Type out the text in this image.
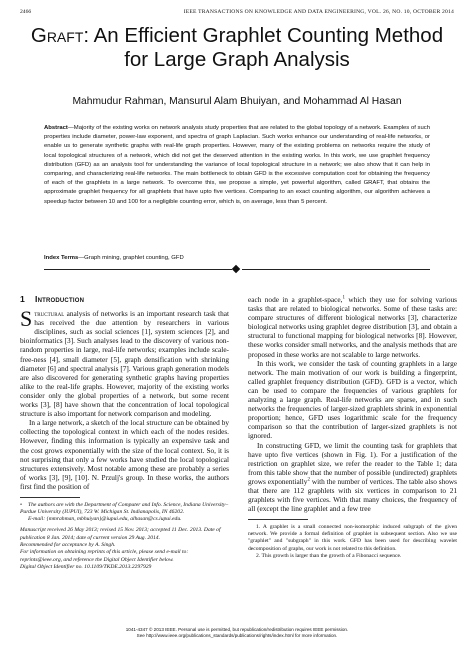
2466	IEEE TRANSACTIONS ON KNOWLEDGE AND DATA ENGINEERING, VOL. 26, NO. 10, OCTOBER 2014
Graft: An Efficient Graphlet Counting Method
for Large Graph Analysis
Mahmudur Rahman, Mansurul Alam Bhuiyan, and Mohammad Al Hasan
Abstract—Majority of the existing works on network analysis study properties that are related to the global topology of a network. Examples of such properties include diameter, power-law exponent, and spectra of graph Laplacian. Such works enhance our understanding of real-life networks, or enable us to generate synthetic graphs with real-life graph properties. However, many of the existing problems on networks require the study of local topological structures of a network, which did not get the deserved attention in the existing works. In this work, we use graphlet frequency distribution (GFD) as an analysis tool for understanding the variance of local topological structure in a network; we also show that it can help in comparing, and characterizing real-life networks. The main bottleneck to obtain GFD is the excessive computation cost for obtaining the frequency of each of the graphlets in a large network. To overcome this, we propose a simple, yet powerful algorithm, called GRAFT, that obtains the approximate graphlet frequency for all graphlets that have upto five vertices. Comparing to an exact counting algorithm, our algorithm achieves a speedup factor between 10 and 100 for a negligible counting error, which is, on average, less than 5 percent.
Index Terms—Graph mining, graphlet counting, GFD
1 Introduction

Structural analysis of networks is an important research task that has received the due attention by researchers in various disciplines, such as social sciences [1], system sciences [2], and bioinformatics [3]. Such analyses lead to the discovery of various non-random properties in large, real-life networks; examples include scale-free-ness [4], small diameter [5], graph densification with shrinking diameter [6] and spectral analysis [7]. Various graph generation models are also discovered for generating synthetic graphs having properties alike to the real-life graphs. However, majority of the existing works consider only the global properties of a network, but some recent works [3], [8] have shown that the concentration of local topological structure is also important for network comparison and modeling.

In a large network, a sketch of the local structure can be obtained by collecting the topological context in which each of the nodes resides. However, finding this information is typically an expensive task and the cost grows exponentially with the size of the local context. So, it is not surprising that only a few works have studied the local topological structures extensively. Most notable among these are probably a series of works [3], [9], [10]. N. Przulj's group. In these works, the authors first find the position of

• The authors are with the Department of Computer and Info. Science, Indiana University–Purdue University (IUPUI), 723 W. Michigan St. Indianapolis, IN 46202.
E-mail: {mmrahman, mbhuiyan}@iupui.edu, alhasan@cs.iupui.edu.
Manuscript received 26 May 2013; revised 15 Nov. 2013; accepted 11 Dec. 2013. Date of publication 8 Jan. 2014; date of current version 29 Aug. 2014.
Recommended for acceptance by A. Singh.
For information on obtaining reprints of this article, please send e-mail to: reprints@ieee.org, and reference the Digital Object Identifier below.
Digital Object Identifier no. 10.1109/TKDE.2013.2297929

each node in a graphlet-space,$^1$ which they use for solving various tasks that are related to biological networks. Some of these tasks are: compare structures of different biological networks [3], characterize biological networks using graphlet degree distribution [3], and obtain a structural to functional mapping for biological networks [8]. However, these works consider small networks, and the analysis methods that are proposed in these works are not scalable to large networks.

In this work, we consider the task of counting graphlets in a large network. The main motivation of our work is building a fingerprint, called graphlet frequency distribution (GFD). GFD is a vector, which can be used to compare the frequencies of various graphlets for analyzing a large graph. Real-life networks are sparse, and in such networks the frequencies of larger-sized graphlets shrink in exponential proportion; hence, GFD uses logarithmic scale for the frequency comparison so that the contribution of larger-sized graphlets is not ignored.

In constructing GFD, we limit the counting task for graphlets that have upto five vertices (shown in Fig. 1). For a justification of the restriction on graphlet size, we refer the reader to the Table 1; data from this table show that the number of possible (undirected) graphlets grows exponentially$^2$ with the number of vertices. The table also shows that there are 112 graphlets with six vertices in comparison to 21 graphlets with five vertices. With that many choices, the frequency of all (except the line graphlet and a few tree

1. A graphlet is a small connected non-isomorphic induced subgraph of the given network. We provide a formal definition of graphlet in subsequent section. Also we use "graphlet" and "subgraph" in this work. GFD has been used for describing wavelet decomposition of graphs, our work is not related to this definition.

2. This growth is larger than the growth of a Fibonacci sequence.

1041-4347 © 2013 IEEE. Personal use is permitted, but republication/redistribution requires IEEE permission.
See http://www.ieee.org/publications_standards/publications/rights/index.html for more information.
